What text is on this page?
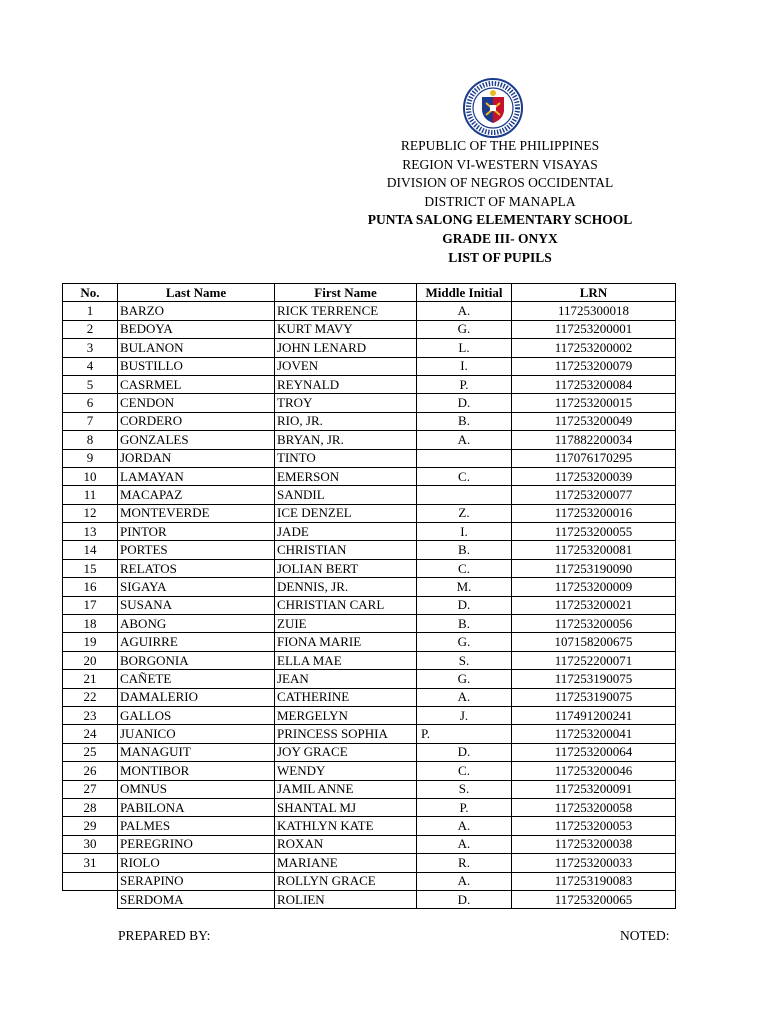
REPUBLIC OF THE PHILIPPINES
REGION VI-WESTERN VISAYAS
DIVISION OF NEGROS OCCIDENTAL
DISTRICT OF MANAPLA
PUNTA SALONG ELEMENTARY SCHOOL
GRADE III- ONYX
LIST OF PUPILS
No.	Last Name	First Name	Middle Initial	LRN
1	BARZO	RICK TERRENCE	A.	11725300018
2	BEDOYA	KURT MAVY	G.	117253200001
3	BULANON	JOHN LENARD	L.	117253200002
4	BUSTILLO	JOVEN	I.	117253200079
5	CASRMEL	REYNALD	P.	117253200084
6	CENDON	TROY	D.	117253200015
7	CORDERO	RIO, JR.	B.	117253200049
8	GONZALES	BRYAN, JR.	A.	117882200034
9	JORDAN	TINTO		117076170295
10	LAMAYAN	EMERSON	C.	117253200039
11	MACAPAZ	SANDIL		117253200077
12	MONTEVERDE	ICE DENZEL	Z.	117253200016
13	PINTOR	JADE	I.	117253200055
14	PORTES	CHRISTIAN	B.	117253200081
15	RELATOS	JOLIAN BERT	C.	117253190090
16	SIGAYA	DENNIS, JR.	M.	117253200009
17	SUSANA	CHRISTIAN CARL	D.	117253200021
18	ABONG	ZUIE	B.	117253200056
19	AGUIRRE	FIONA MARIE	G.	107158200675
20	BORGONIA	ELLA MAE	S.	117252200071
21	CAÑETE	JEAN	G.	117253190075
22	DAMALERIO	CATHERINE	A.	117253190075
23	GALLOS	MERGELYN	J.	117491200241
24	JUANICO	PRINCESS SOPHIA	P.	117253200041
25	MANAGUIT	JOY GRACE	D.	117253200064
26	MONTIBOR	WENDY	C.	117253200046
27	OMNUS	JAMIL ANNE	S.	117253200091
28	PABILONA	SHANTAL MJ	P.	117253200058
29	PALMES	KATHLYN KATE	A.	117253200053
30	PEREGRINO	ROXAN	A.	117253200038
31	RIOLO	MARIANE	R.	117253200033
	SERAPINO	ROLLYN GRACE	A.	117253190083
	SERDOMA	ROLIEN	D.	117253200065
PREPARED BY:	NOTED:
